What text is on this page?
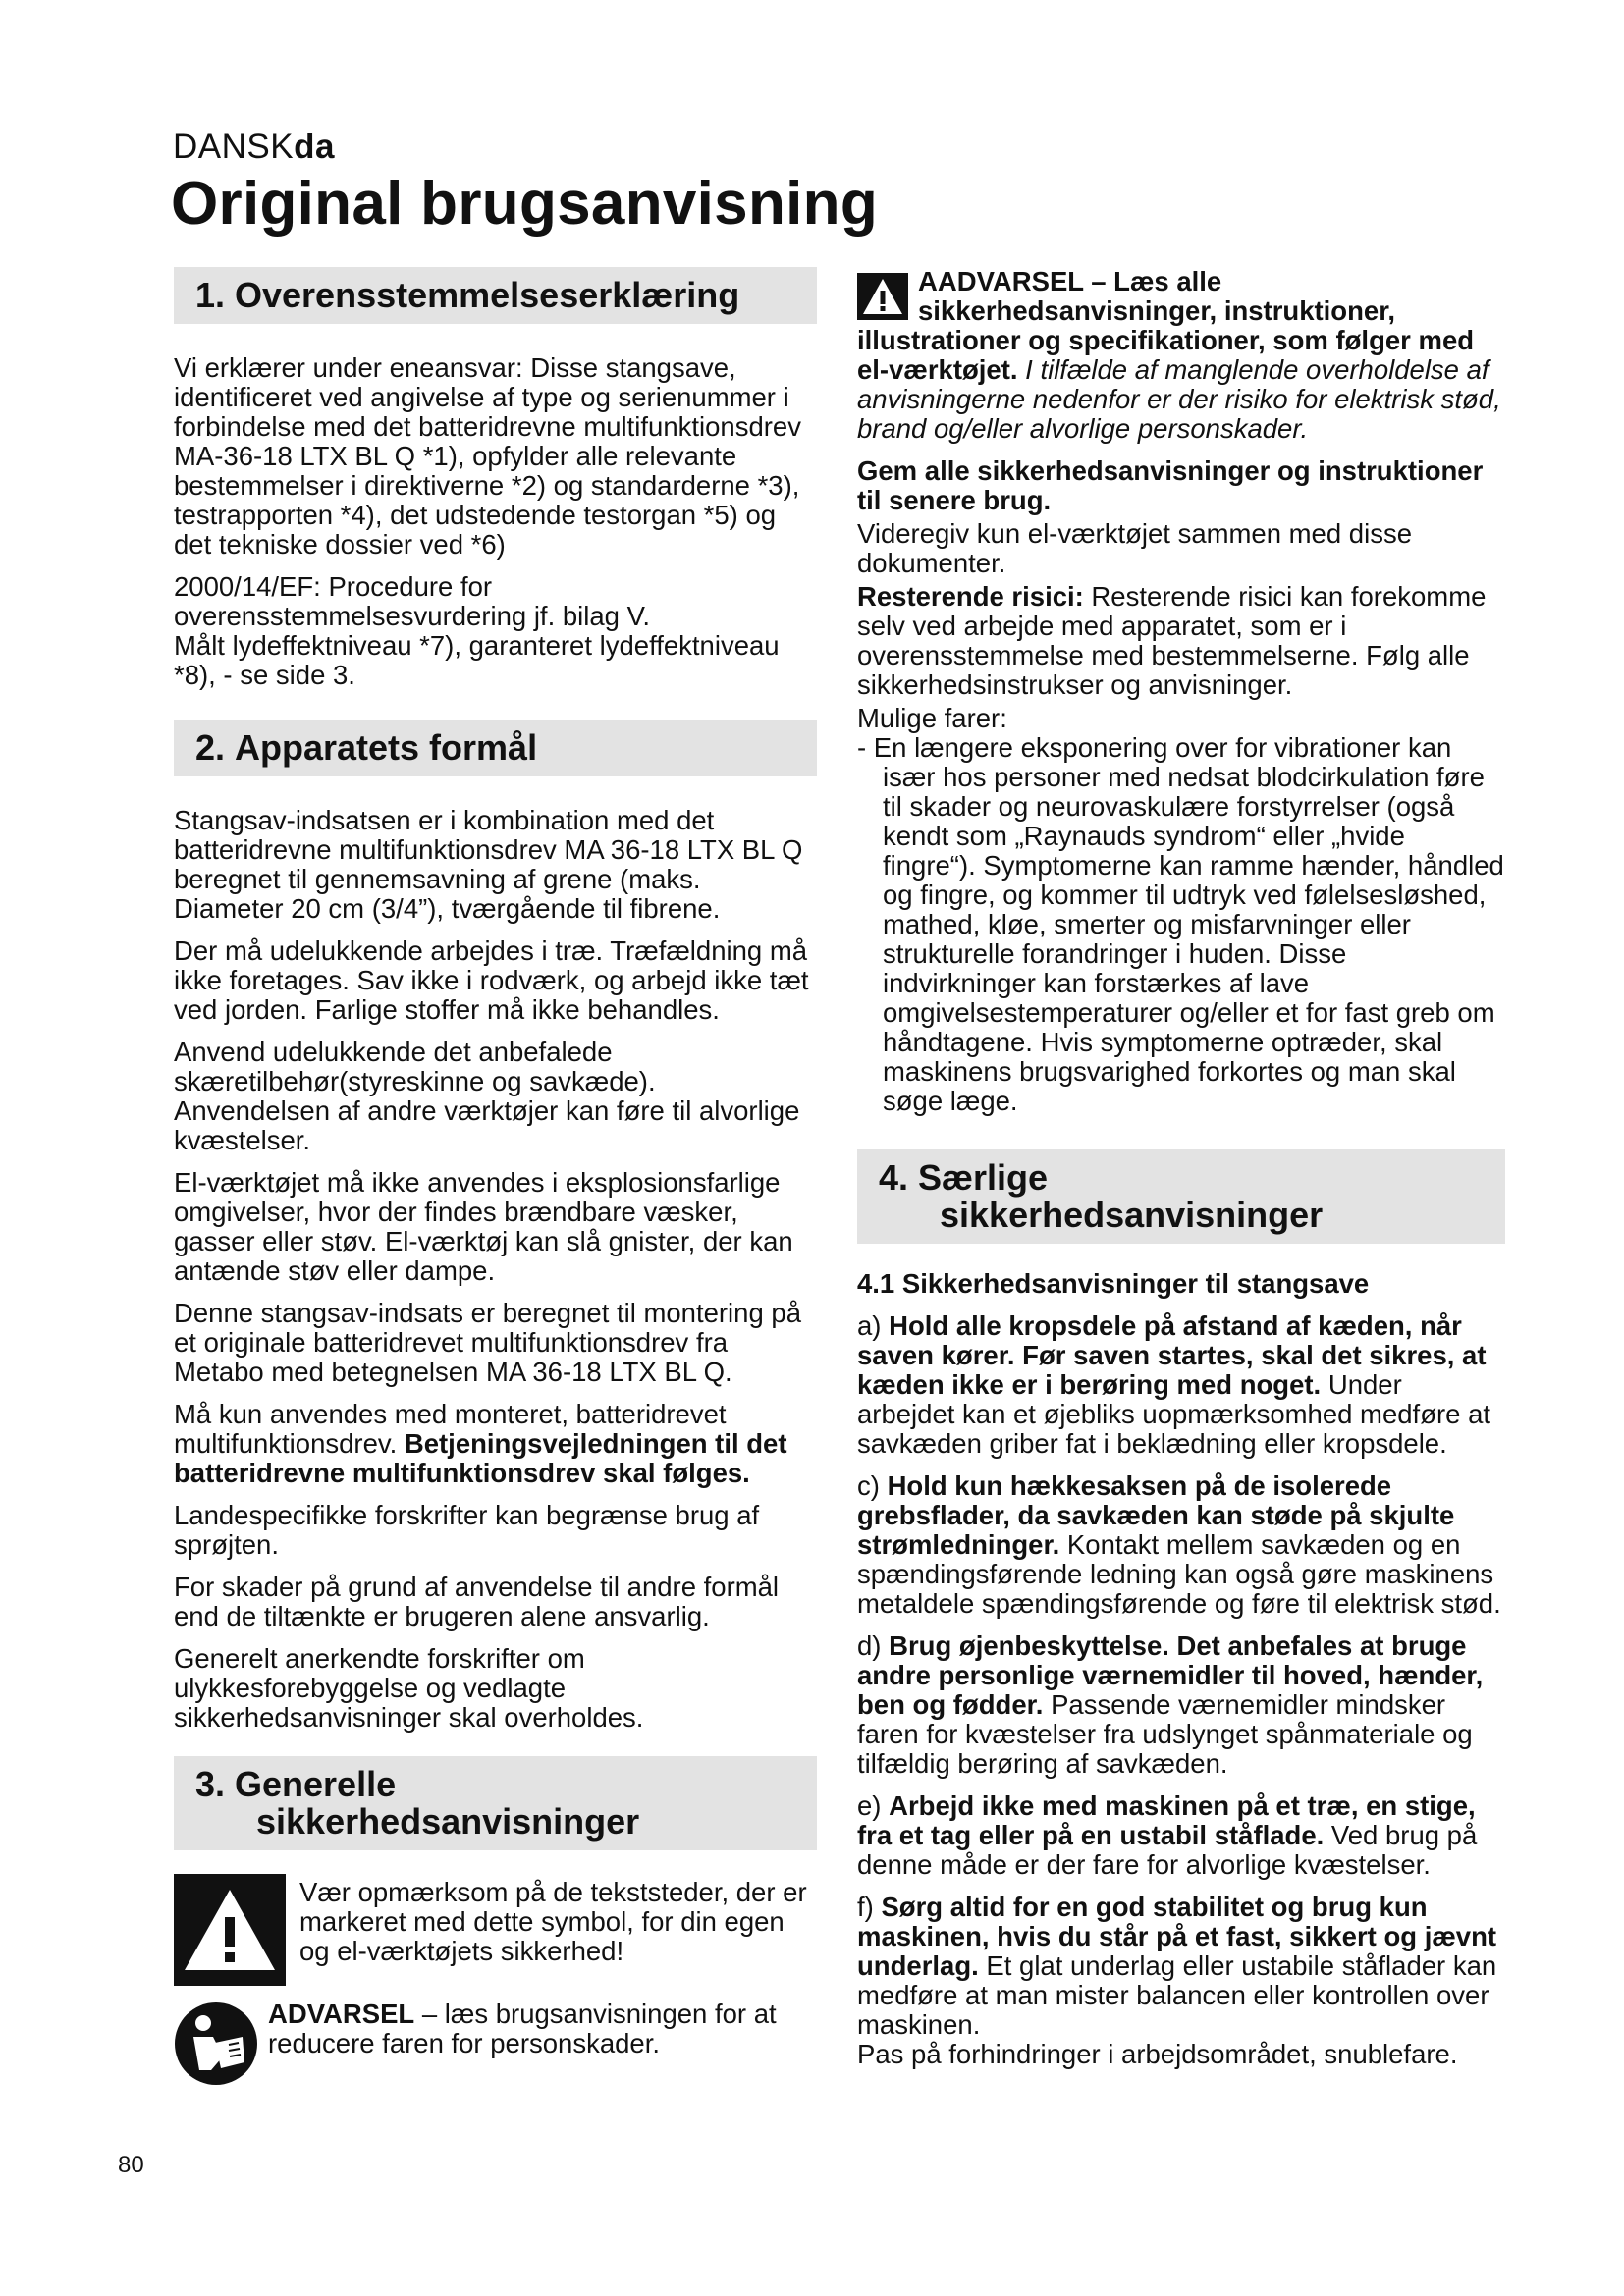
DANSKda
Original brugsanvisning
1. Overensstemmelseserklæring

Vi erklærer under eneansvar: Disse stangsave, identificeret ved angivelse af type og serienummer i forbindelse med det batteridrevne multifunktionsdrev MA-36-18 LTX BL Q *1), opfylder alle relevante bestemmelser i direktiverne *2) og standarderne *3), testrapporten *4), det udstedende testorgan *5) og det tekniske dossier ved *6)

2000/14/EF: Procedure for overensstemmelsesvurdering jf. bilag V.
Målt lydeffektniveau *7), garanteret lydeffektniveau *8), - se side 3.

2. Apparatets formål

Stangsav-indsatsen er i kombination med det batteridrevne multifunktionsdrev MA 36-18 LTX BL Q beregnet til gennemsavning af grene (maks. Diameter 20 cm (3/4”), tværgående til fibrene.

Der må udelukkende arbejdes i træ. Træfældning må ikke foretages. Sav ikke i rodværk, og arbejd ikke tæt ved jorden. Farlige stoffer må ikke behandles.

Anvend udelukkende det anbefalede skæretilbehør(styreskinne og savkæde). Anvendelsen af andre værktøjer kan føre til alvorlige kvæstelser.

El-værktøjet må ikke anvendes i eksplosionsfarlige omgivelser, hvor der findes brændbare væsker, gasser eller støv. El-værktøj kan slå gnister, der kan antænde støv eller dampe.

Denne stangsav-indsats er beregnet til montering på et originale batteridrevet multifunktionsdrev fra Metabo med betegnelsen MA 36-18 LTX BL Q.

Må kun anvendes med monteret, batteridrevet multifunktionsdrev. Betjeningsvejledningen til det batteridrevne multifunktionsdrev skal følges.

Landespecifikke forskrifter kan begrænse brug af sprøjten.

For skader på grund af anvendelse til andre formål end de tiltænkte er brugeren alene ansvarlig.

Generelt anerkendte forskrifter om ulykkesforebyggelse og vedlagte sikkerhedsanvisninger skal overholdes.

3. Generelle
sikkerhedsanvisninger
Vær opmærksom på de tekststeder, der er markeret med dette symbol, for din egen og el-værktøjets sikkerhed!
ADVARSEL – læs brugsanvisningen for at reducere faren for personskader.

AADVARSEL – Læs alle sikkerhedsanvisninger, instruktioner, illustrationer og specifikationer, som følger med el-værktøjet. I tilfælde af manglende overholdelse af anvisningerne nedenfor er der risiko for elektrisk stød, brand og/eller alvorlige personskader.

Gem alle sikkerhedsanvisninger og instruktioner til senere brug.

Videregiv kun el-værktøjet sammen med disse dokumenter.

Resterende risici: Resterende risici kan forekomme selv ved arbejde med apparatet, som er i overensstemmelse med bestemmelserne. Følg alle sikkerhedsinstrukser og anvisninger.

Mulige farer:

- En længere eksponering over for vibrationer kan især hos personer med nedsat blodcirkulation føre til skader og neurovaskulære forstyrrelser (også kendt som „Raynauds syndrom“ eller „hvide fingre“). Symptomerne kan ramme hænder, håndled og fingre, og kommer til udtryk ved følelsesløshed, mathed, kløe, smerter og misfarvninger eller strukturelle forandringer i huden. Disse indvirkninger kan forstærkes af lave omgivelsestemperaturer og/eller et for fast greb om håndtagene. Hvis symptomerne optræder, skal maskinens brugsvarighed forkortes og man skal søge læge.

4. Særlige
sikkerhedsanvisninger

4.1 Sikkerhedsanvisninger til stangsave

a) Hold alle kropsdele på afstand af kæden, når saven kører. Før saven startes, skal det sikres, at kæden ikke er i berøring med noget. Under arbejdet kan et øjebliks uopmærksomhed medføre at savkæden griber fat i beklædning eller kropsdele.

c) Hold kun hækkesaksen på de isolerede grebsflader, da savkæden kan støde på skjulte strømledninger. Kontakt mellem savkæden og en spændingsførende ledning kan også gøre maskinens metaldele spændingsførende og føre til elektrisk stød.

d) Brug øjenbeskyttelse. Det anbefales at bruge andre personlige værnemidler til hoved, hænder, ben og fødder. Passende værnemidler mindsker faren for kvæstelser fra udslynget spånmateriale og tilfældig berøring af savkæden.

e) Arbejd ikke med maskinen på et træ, en stige, fra et tag eller på en ustabil ståflade. Ved brug på denne måde er der fare for alvorlige kvæstelser.

f) Sørg altid for en god stabilitet og brug kun maskinen, hvis du står på et fast, sikkert og jævnt underlag. Et glat underlag eller ustabile ståflader kan medføre at man mister balancen eller kontrollen over maskinen.

Pas på forhindringer i arbejdsområdet, snublefare.

80
